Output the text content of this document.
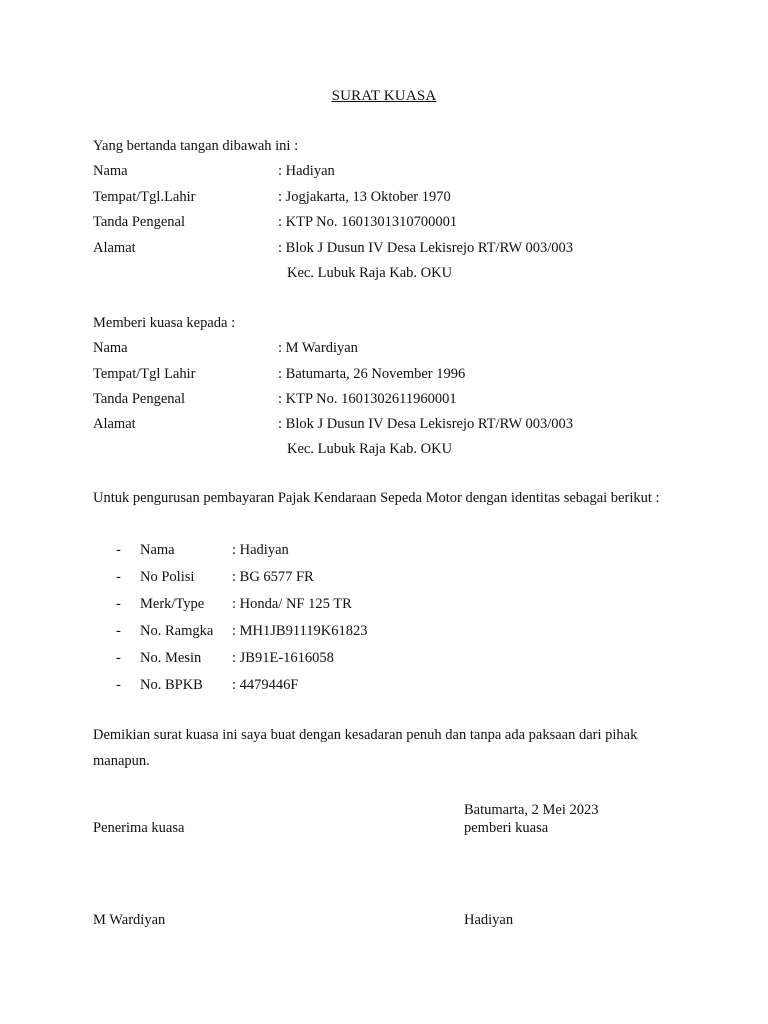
SURAT KUASA
Yang bertanda tangan dibawah ini :
Nama	: Hadiyan
Tempat/Tgl.Lahir	: Jogjakarta, 13 Oktober 1970
Tanda Pengenal	: KTP No. 1601301310700001
Alamat	: Blok J Dusun IV Desa Lekisrejo RT/RW 003/003
Kec. Lubuk Raja Kab. OKU
Memberi kuasa kepada :
Nama	: M Wardiyan
Tempat/Tgl Lahir	: Batumarta, 26 November 1996
Tanda Pengenal	: KTP No. 1601302611960001
Alamat	: Blok J Dusun IV Desa Lekisrejo RT/RW 003/003
Kec. Lubuk Raja Kab. OKU
Untuk pengurusan pembayaran Pajak Kendaraan Sepeda Motor dengan identitas sebagai berikut :
- Nama	: Hadiyan
- No Polisi	: BG 6577 FR
- Merk/Type : Honda/ NF 125 TR
- No. Ramgka : MH1JB91119K61823
- No. Mesin : JB91E-1616058
- No. BPKB : 4479446F
Demikian surat kuasa ini saya buat dengan kesadaran penuh dan tanpa ada paksaan dari pihak manapun.
Batumarta, 2 Mei 2023
Penerima kuasa	pemberi kuasa
M Wardiyan	Hadiyan
